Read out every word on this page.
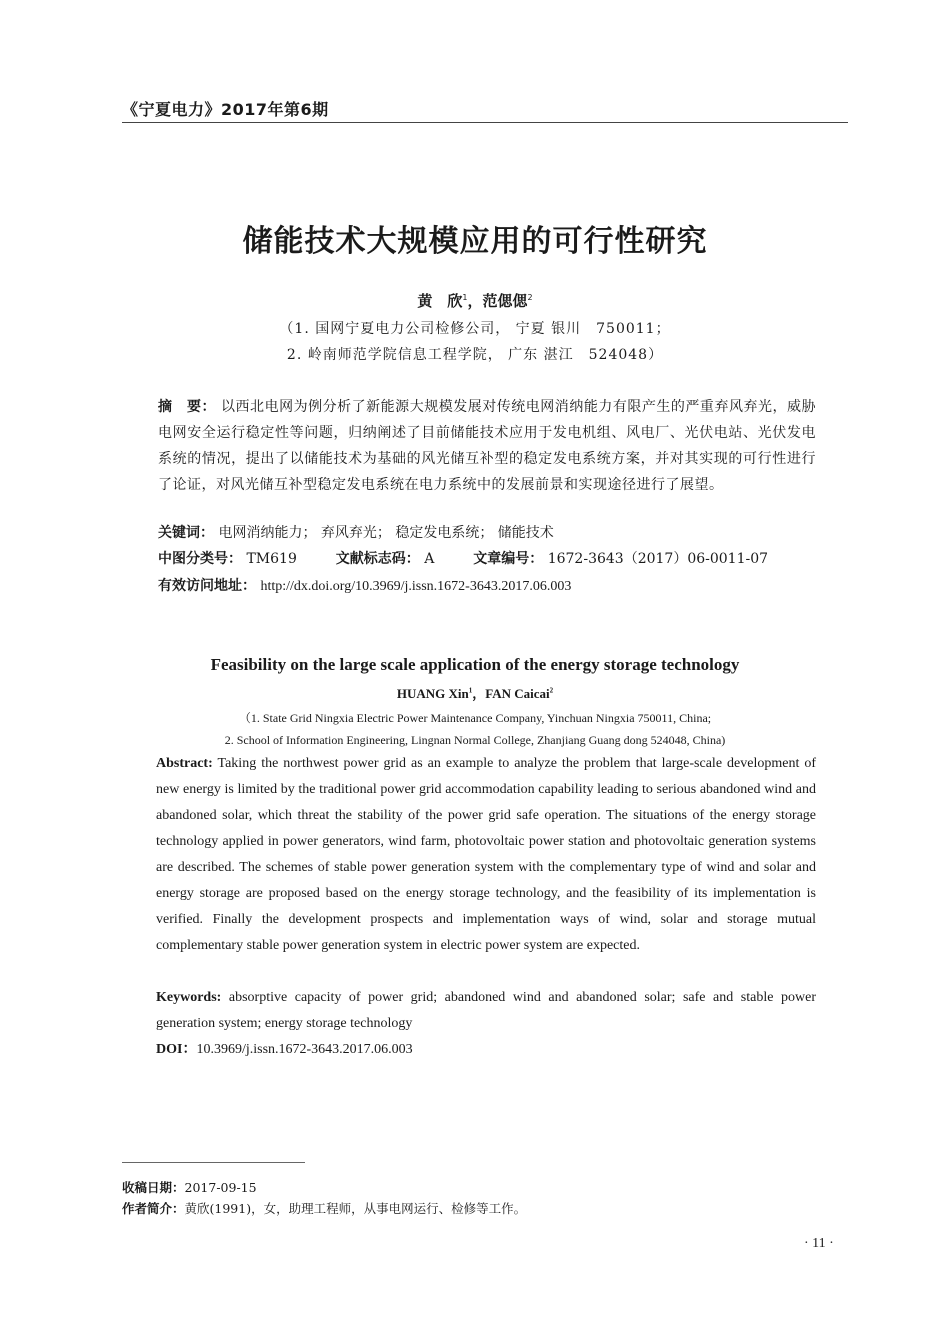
《宁夏电力》2017年第6期
储能技术大规模应用的可行性研究
黄　欣$^1$，范偲偲$^2$
（1. 国网宁夏电力公司检修公司， 宁夏 银川　750011；
2. 岭南师范学院信息工程学院， 广东 湛江　524048）
摘　要： 以西北电网为例分析了新能源大规模发展对传统电网消纳能力有限产生的严重弃风弃光，威胁电网安全运行稳定性等问题，归纳阐述了目前储能技术应用于发电机组、风电厂、光伏电站、光伏发电系统的情况，提出了以储能技术为基础的风光储互补型的稳定发电系统方案，并对其实现的可行性进行了论证，对风光储互补型稳定发电系统在电力系统中的发展前景和实现途径进行了展望。
关键词： 电网消纳能力； 弃风弃光； 稳定发电系统； 储能技术
中图分类号： TM619	文献标志码： A	文章编号： 1672-3643（2017）06-0011-07
有效访问地址： http://dx.doi.org/10.3969/j.issn.1672-3643.2017.06.003
Feasibility on the large scale application of the energy storage technology
HUANG Xin$^1$，FAN Caicai$^2$
（1. State Grid Ningxia Electric Power Maintenance Company, Yinchuan Ningxia 750011, China;
2. School of Information Engineering, Lingnan Normal College, Zhanjiang Guang dong 524048, China)
Abstract: Taking the northwest power grid as an example to analyze the problem that large-scale development of new energy is limited by the traditional power grid accommodation capability leading to serious abandoned wind and abandoned solar, which threat the stability of the power grid safe operation. The situations of the energy storage technology applied in power generators, wind farm, photovoltaic power station and photovoltaic generation systems are described. The schemes of stable power generation system with the complementary type of wind and solar and energy storage are proposed based on the energy storage technology, and the feasibility of its implementation is verified. Finally the development prospects and implementation ways of wind, solar and storage mutual complementary stable power generation system in electric power system are expected.
Keywords: absorptive capacity of power grid; abandoned wind and abandoned solar; safe and stable power generation system; energy storage technology
DOI：10.3969/j.issn.1672-3643.2017.06.003
收稿日期：2017-09-15
作者简介：黄欣(1991)，女，助理工程师，从事电网运行、检修等工作。
· 11 ·
